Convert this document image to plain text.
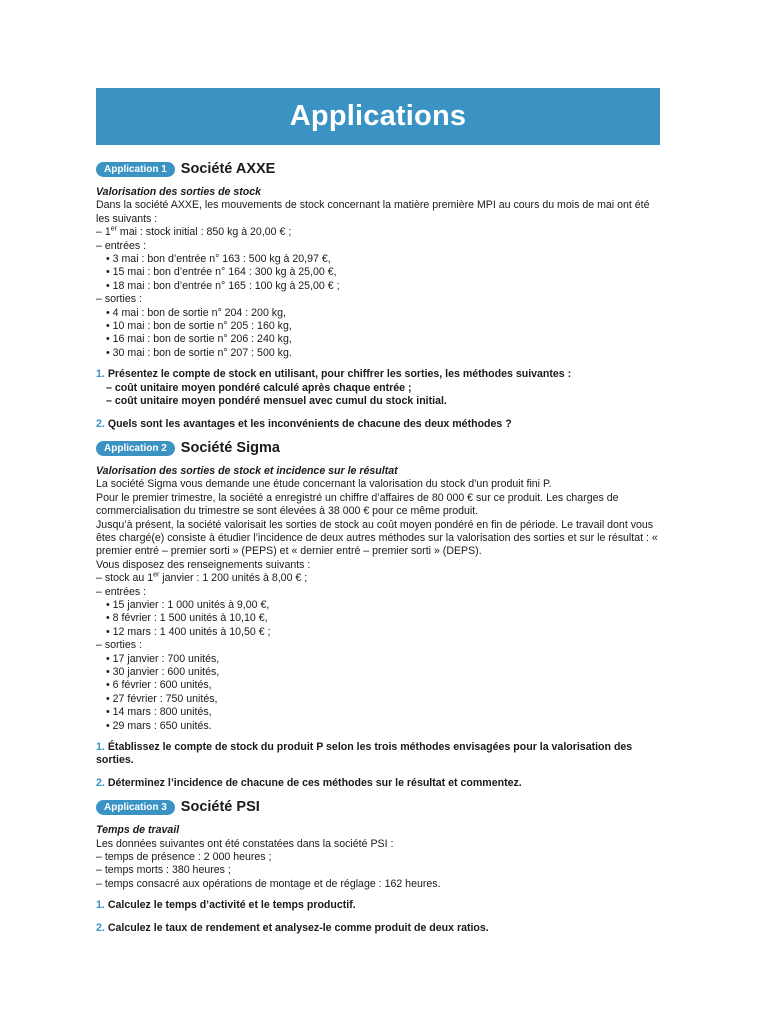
Applications
Application 1 Société AXXE
Valorisation des sorties de stock
Dans la société AXXE, les mouvements de stock concernant la matière première MPI au cours du mois de mai ont été les suivants :
– 1er mai : stock initial : 850 kg à 20,00 € ;
– entrées :
• 3 mai : bon d’entrée n° 163 : 500 kg à 20,97 €,
• 15 mai : bon d’entrée n° 164 : 300 kg à 25,00 €,
• 18 mai : bon d’entrée n° 165 : 100 kg à 25,00 € ;
– sorties :
• 4 mai : bon de sortie n° 204 : 200 kg,
• 10 mai : bon de sortie n° 205 : 160 kg,
• 16 mai : bon de sortie n° 206 : 240 kg,
• 30 mai : bon de sortie n° 207 : 500 kg.
1. Présentez le compte de stock en utilisant, pour chiffrer les sorties, les méthodes suivantes :
– coût unitaire moyen pondéré calculé après chaque entrée ;
– coût unitaire moyen pondéré mensuel avec cumul du stock initial.
2. Quels sont les avantages et les inconvénients de chacune des deux méthodes ?
Application 2 Société Sigma
Valorisation des sorties de stock et incidence sur le résultat
La société Sigma vous demande une étude concernant la valorisation du stock d’un produit fini P.
Pour le premier trimestre, la société a enregistré un chiffre d’affaires de 80 000 € sur ce produit. Les charges de commercialisation du trimestre se sont élevées à 38 000 € pour ce même produit.
Jusqu’à présent, la société valorisait les sorties de stock au coût moyen pondéré en fin de période. Le travail dont vous êtes chargé(e) consiste à étudier l’incidence de deux autres méthodes sur la valorisation des sorties et sur le résultat : « premier entré – premier sorti » (PEPS) et « dernier entré – premier sorti » (DEPS).
Vous disposez des renseignements suivants :
– stock au 1er janvier : 1 200 unités à 8,00 € ;
– entrées :
• 15 janvier : 1 000 unités à 9,00 €,
• 8 février : 1 500 unités à 10,10 €,
• 12 mars : 1 400 unités à 10,50 € ;
– sorties :
• 17 janvier : 700 unités,
• 30 janvier : 600 unités,
• 6 février : 600 unités,
• 27 février : 750 unités,
• 14 mars : 800 unités,
• 29 mars : 650 unités.
1. Établissez le compte de stock du produit P selon les trois méthodes envisagées pour la valorisation des sorties.
2. Déterminez l’incidence de chacune de ces méthodes sur le résultat et commentez.
Application 3 Société PSI
Temps de travail
Les données suivantes ont été constatées dans la société PSI :
– temps de présence : 2 000 heures ;
– temps morts : 380 heures ;
– temps consacré aux opérations de montage et de réglage : 162 heures.
1. Calculez le temps d’activité et le temps productif.
2. Calculez le taux de rendement et analysez-le comme produit de deux ratios.
